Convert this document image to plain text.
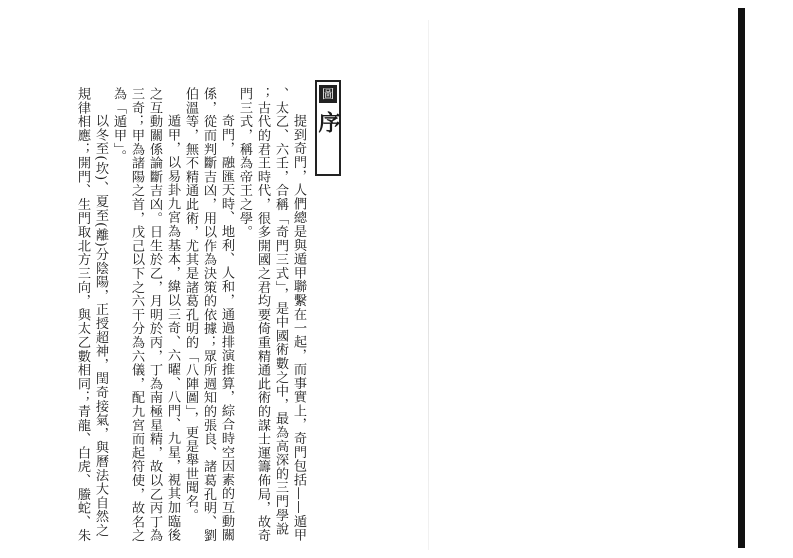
圖
序
提到奇門，人們總是與遁甲聯繫在一起，而事實上，奇門包括——遁甲
、太乙、六壬，合稱「奇門三式」，是中國術數之中，最為高深的三門學說
；古代的君王時代，很多開國之君均要倚重精通此術的謀士運籌佈局，故奇
門三式，稱為帝王之學。
奇門，融匯天時、地利、人和，通過排演推算，綜合時空因素的互動關
係，從而判斷吉凶，用以作為決策的依據；眾所週知的張良、諸葛孔明、劉
伯溫等，無不精通此術，尤其是諸葛孔明的「八陣圖」，更是舉世聞名。
遁甲，以易卦九宮為基本，緯以三奇、六曜、八門、九星，視其加臨後
之互動關係論斷吉凶。日生於乙，月明於丙，丁為南極星精，故以乙丙丁為
三奇；甲為諸陽之首，戊己以下之六干分為六儀，配九宮而起符使，故名之
為「遁甲」。
以冬至(坎)、夏至(離)分陰陽，正授超神，閏奇接氣，與曆法大自然之
規律相應；開門、生門取北方三向，與太乙數相同；青龍、白虎、螣蛇、朱
